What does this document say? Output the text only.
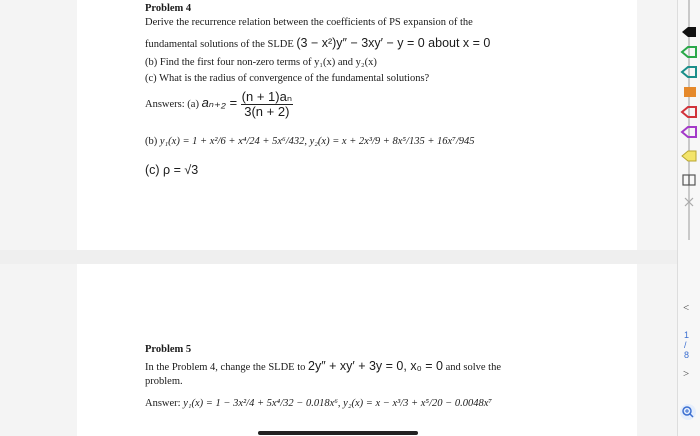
Problem 4
Derive the recurrence relation between the coefficients of PS expansion of the
fundamental solutions of the SLDE (3 − x²)y″ − 3xy′ − y = 0 about x = 0
(b) Find the first four non-zero terms of y₁(x) and y₂(x)
(c) What is the radius of convergence of the fundamental solutions?
Answers: (a) $a_{n+2} = \frac{\text{(n + 1)aₙ}}{3(n + 2)}$
(b) y₁(x) = 1 + x²/6 + x⁴/24 + 5x⁶/432, y₂(x) = x + 2x³/9 + 8x⁵/135 + 16x⁷/945
(c) ρ = √3
Problem 5
In the Problem 4, change the SLDE to 2y″ + xy′ + 3y = 0, x₀ = 0 and solve the
problem.
Answer: y₁(x) = 1 − 3x²/4 + 5x⁴/32 − 0.018x⁶, y₂(x) = x − x³/3 + x⁵/20 − 0.0048x⁷
<
1
/
8
>
